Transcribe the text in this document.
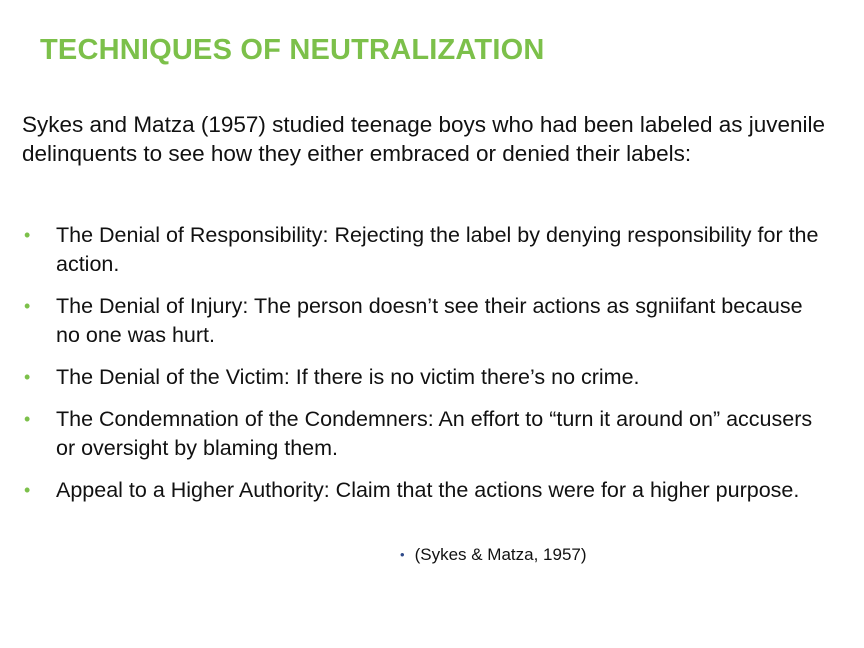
TECHNIQUES OF NEUTRALIZATION

Sykes and Matza (1957) studied teenage boys who had been labeled as juvenile delinquents to see how they either embraced or denied their labels:

• The Denial of Responsibility: Rejecting the label by denying responsibility for the action.
• The Denial of Injury: The person doesn’t see their actions as sgniifant because no one was hurt.
• The Denial of the Victim: If there is no victim there’s no crime.
• The Condemnation of the Condemners: An effort to “turn it around on” accusers or oversight by blaming them.
• Appeal to a Higher Authority: Claim that the actions were for a higher purpose.
• (Sykes & Matza, 1957)
